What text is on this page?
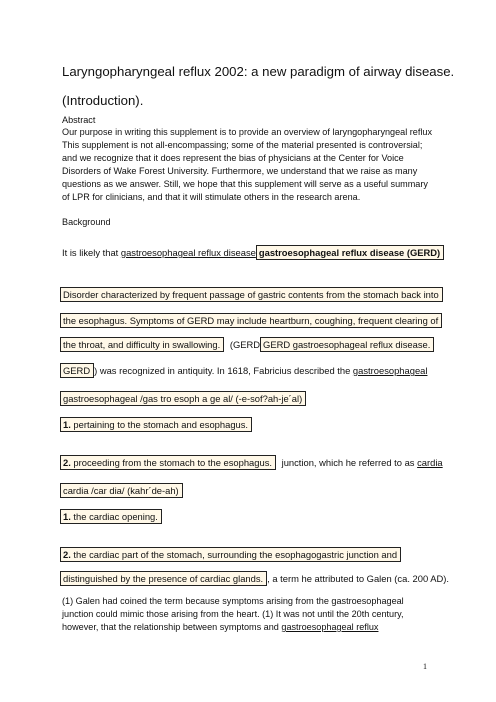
Laryngopharyngeal reflux 2002: a new paradigm of airway disease.
(Introduction).
Abstract
Our purpose in writing this supplement is to provide an overview of laryngopharyngeal reflux
This supplement is not all-encompassing; some of the material presented is controversial;
and we recognize that it does represent the bias of physicians at the Center for Voice
Disorders of Wake Forest University. Furthermore, we understand that we raise as many
questions as we answer. Still, we hope that this supplement will serve as a useful summary
of LPR for clinicians, and that it will stimulate others in the research arena.
Background
It is likely that gastroesophageal reflux disease gastroesophageal reflux disease (GERD)
Disorder characterized by frequent passage of gastric contents from the stomach back into
the esophagus. Symptoms of GERD may include heartburn, coughing, frequent clearing of
the throat, and difficulty in swallowing. (GERD GERD gastroesophageal reflux disease.
GERD ) was recognized in antiquity. In 1618, Fabricius described the gastroesophageal
gastroesophageal /gas tro esoph a ge al/ (-e-sof?ah-je´al)
1. pertaining to the stomach and esophagus.
2. proceeding from the stomach to the esophagus. junction, which he referred to as cardia
cardia /car dia/ (kahr´de-ah)
1. the cardiac opening.
2. the cardiac part of the stomach, surrounding the esophagogastric junction and
distinguished by the presence of cardiac glands. , a term he attributed to Galen (ca. 200 AD).
(1) Galen had coined the term because symptoms arising from the gastroesophageal
junction could mimic those arising from the heart. (1) It was not until the 20th century,
however, that the relationship between symptoms and gastroesophageal reflux
1
